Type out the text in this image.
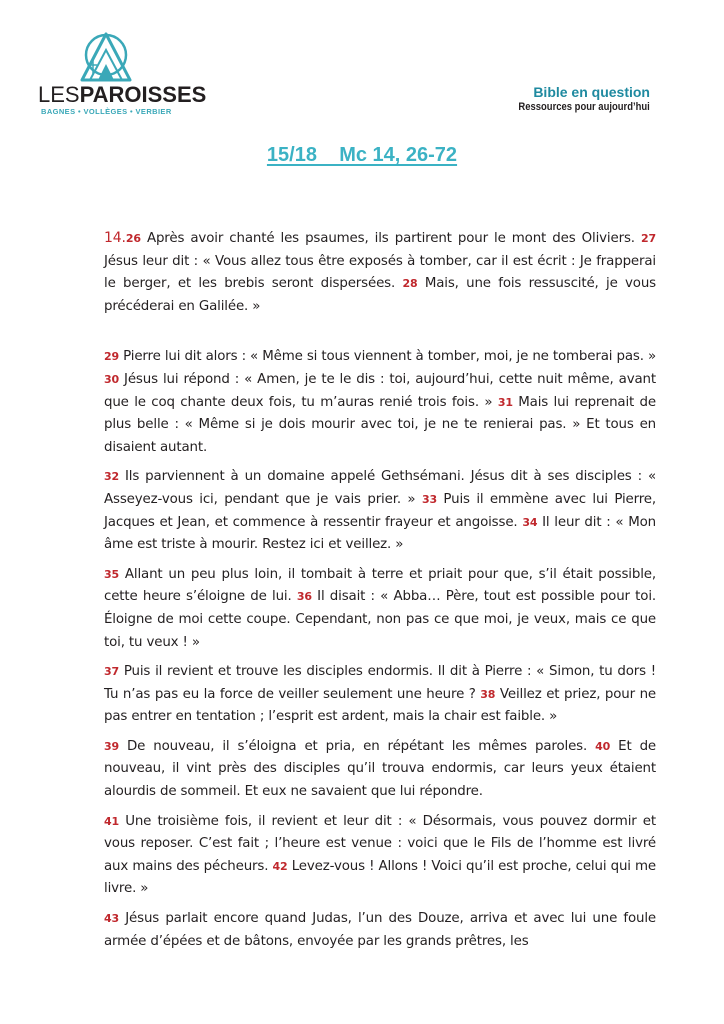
LESPAROISSES
BAGNES • VOLLÈGES • VERBIER
Bible en question
Ressources pour aujourd’hui
15/18    Mc 14, 26-72

14.26 Après avoir chanté les psaumes, ils partirent pour le mont des Oliviers. 27 Jésus leur dit : « Vous allez tous être exposés à tomber, car il est écrit : Je frapperai le berger, et les brebis seront dispersées. 28 Mais, une fois ressuscité, je vous précéderai en Galilée. »

29 Pierre lui dit alors : « Même si tous viennent à tomber, moi, je ne tomberai pas. » 30 Jésus lui répond : « Amen, je te le dis : toi, aujourd’hui, cette nuit même, avant que le coq chante deux fois, tu m’auras renié trois fois. » 31 Mais lui reprenait de plus belle : « Même si je dois mourir avec toi, je ne te renierai pas. » Et tous en disaient autant.

32 Ils parviennent à un domaine appelé Gethsémani. Jésus dit à ses disciples : « Asseyez-vous ici, pendant que je vais prier. » 33 Puis il emmène avec lui Pierre, Jacques et Jean, et commence à ressentir frayeur et angoisse. 34 Il leur dit : « Mon âme est triste à mourir. Restez ici et veillez. »

35 Allant un peu plus loin, il tombait à terre et priait pour que, s’il était possible, cette heure s’éloigne de lui. 36 Il disait : « Abba… Père, tout est possible pour toi. Éloigne de moi cette coupe. Cependant, non pas ce que moi, je veux, mais ce que toi, tu veux ! »

37 Puis il revient et trouve les disciples endormis. Il dit à Pierre : « Simon, tu dors ! Tu n’as pas eu la force de veiller seulement une heure ? 38 Veillez et priez, pour ne pas entrer en tentation ; l’esprit est ardent, mais la chair est faible. »

39 De nouveau, il s’éloigna et pria, en répétant les mêmes paroles. 40 Et de nouveau, il vint près des disciples qu’il trouva endormis, car leurs yeux étaient alourdis de sommeil. Et eux ne savaient que lui répondre.

41 Une troisième fois, il revient et leur dit : « Désormais, vous pouvez dormir et vous reposer. C’est fait ; l’heure est venue : voici que le Fils de l’homme est livré aux mains des pécheurs. 42 Levez-vous ! Allons ! Voici qu’il est proche, celui qui me livre. »

43 Jésus parlait encore quand Judas, l’un des Douze, arriva et avec lui une foule armée d’épées et de bâtons, envoyée par les grands prêtres, les
